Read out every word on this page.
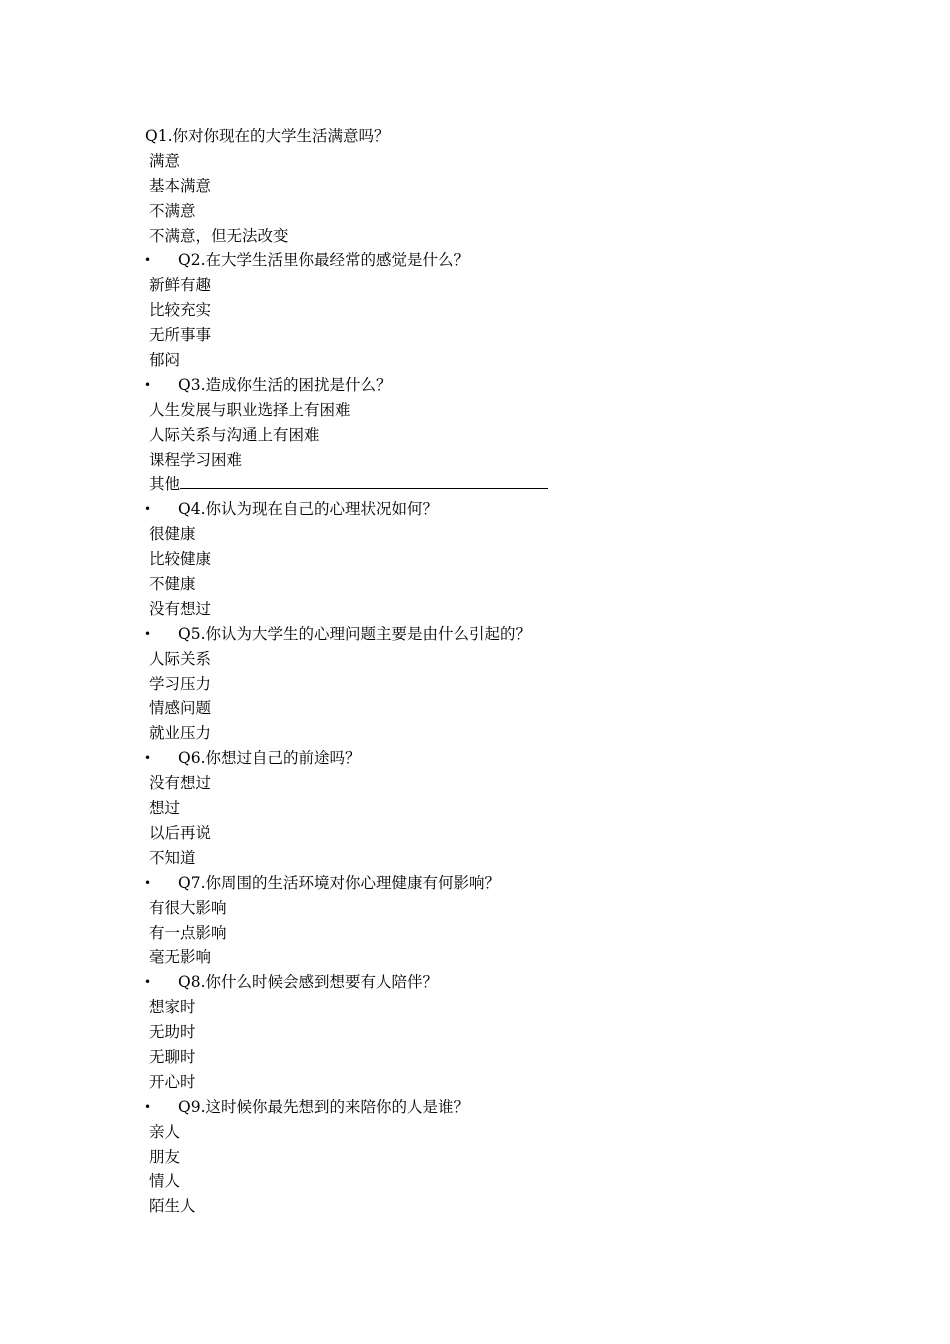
Q1.你对你现在的大学生活满意吗？
满意
基本满意
不满意
不满意，但无法改变
• Q2.在大学生活里你最经常的感觉是什么？
新鲜有趣
比较充实
无所事事
郁闷
• Q3.造成你生活的困扰是什么？
人生发展与职业选择上有困难
人际关系与沟通上有困难
课程学习困难
其他
• Q4.你认为现在自己的心理状况如何？
很健康
比较健康
不健康
没有想过
• Q5.你认为大学生的心理问题主要是由什么引起的？
人际关系
学习压力
情感问题
就业压力
• Q6.你想过自己的前途吗？
没有想过
想过
以后再说
不知道
• Q7.你周围的生活环境对你心理健康有何影响？
有很大影响
有一点影响
毫无影响
• Q8.你什么时候会感到想要有人陪伴？
想家时
无助时
无聊时
开心时
• Q9.这时候你最先想到的来陪你的人是谁？
亲人
朋友
情人
陌生人
